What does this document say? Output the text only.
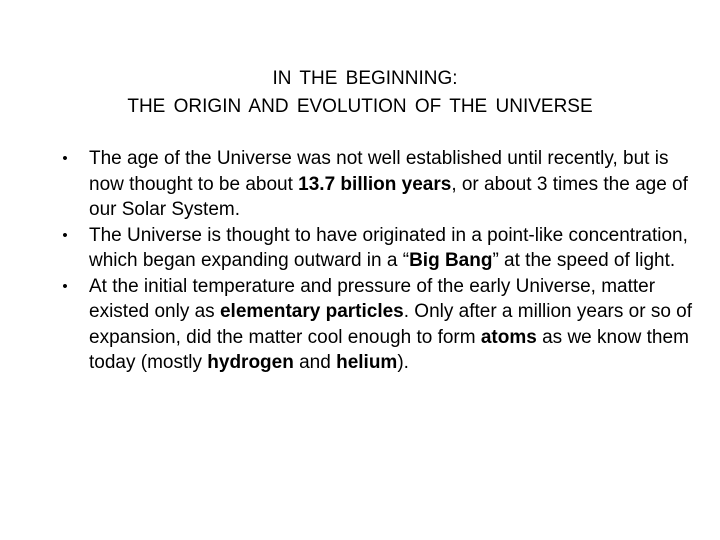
IN THE BEGINNING:
THE ORIGIN AND EVOLUTION OF THE UNIVERSE
• The age of the Universe was not well established until recently, but is now thought to be about 13.7 billion years, or about 3 times the age of our Solar System.
• The Universe is thought to have originated in a point-like concentration, which began expanding outward in a “Big Bang” at the speed of light.
• At the initial temperature and pressure of the early Universe, matter existed only as elementary particles. Only after a million years or so of expansion, did the matter cool enough to form atoms as we know them today (mostly hydrogen and helium).
